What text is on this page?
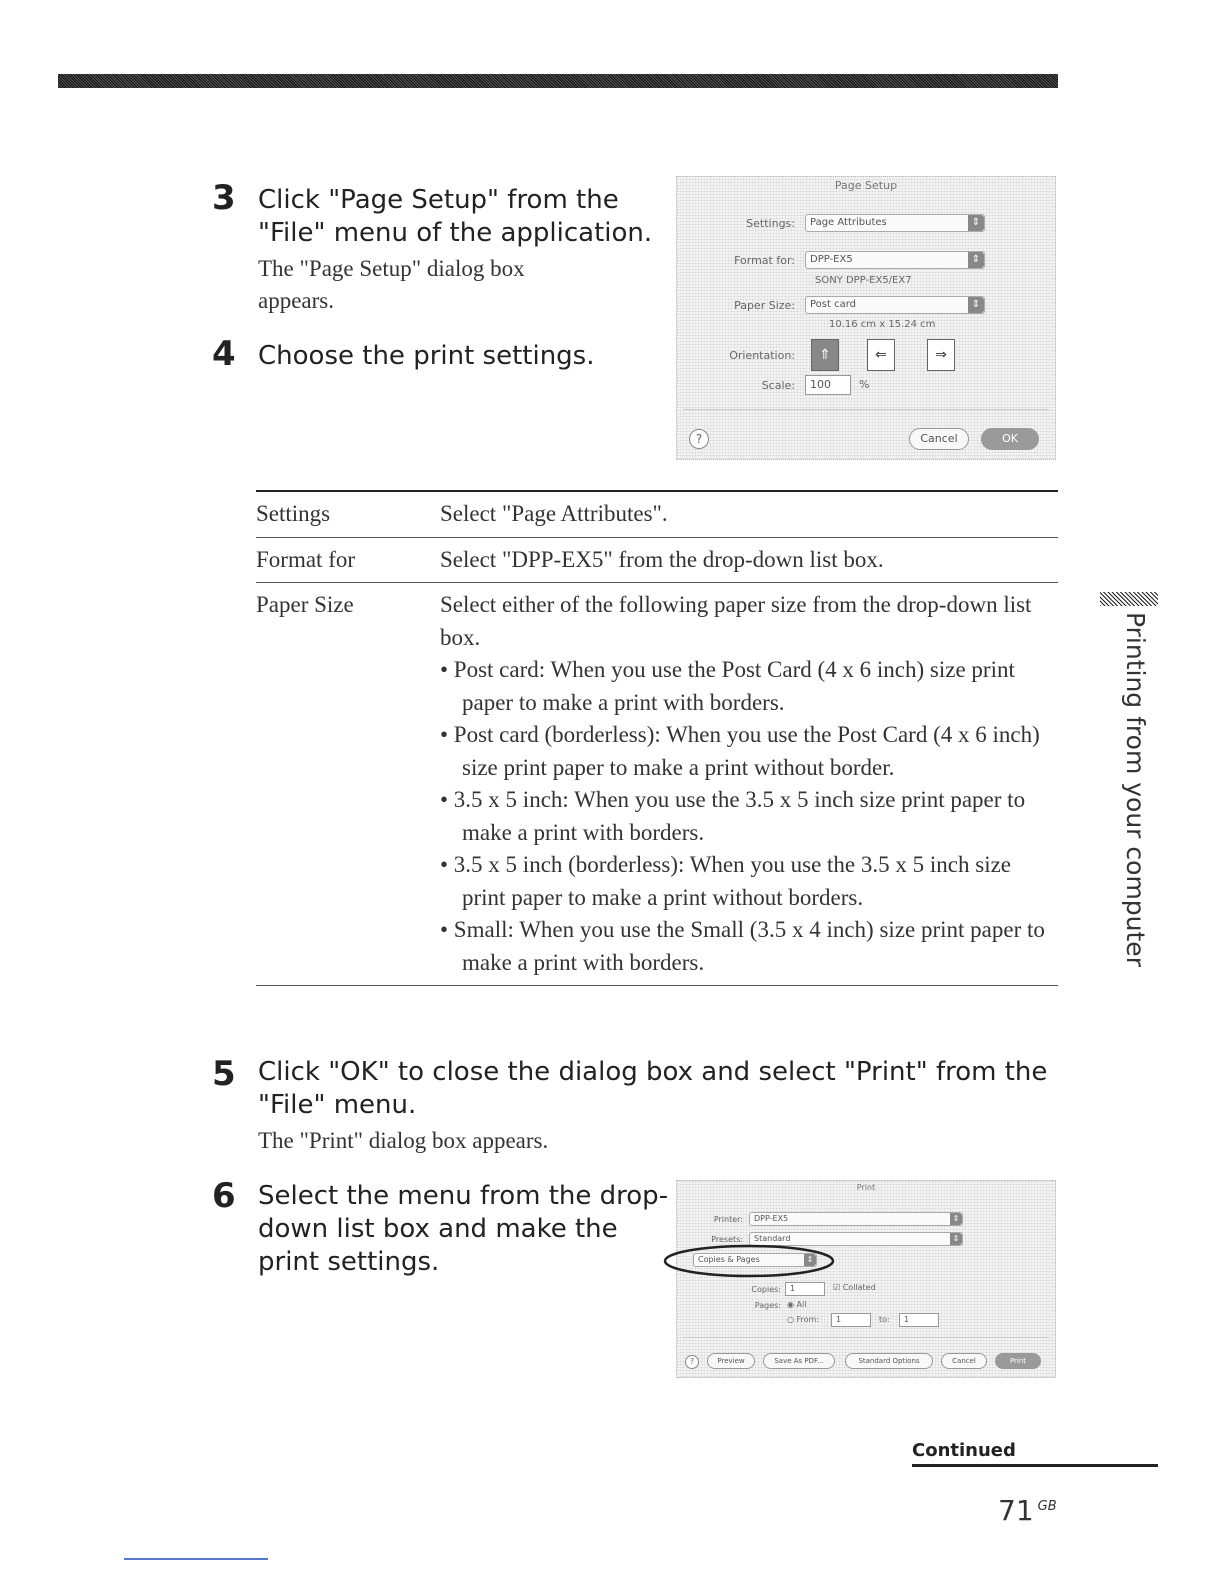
3 Click "Page Setup" from the
"File" menu of the application.
The "Page Setup" dialog box
appears.
4 Choose the print settings.
Page Setup
Settings:	Page Attributes	⇕
Format for:	DPP-EX5	⇕
SONY DPP-EX5/EX7
Paper Size:	Post card	⇕
10.16 cm x 15.24 cm
Orientation:	⇑	⇐	⇒
Scale:	100	%
?	Cancel	OK
Settings	Select "Page Attributes".
Format for	Select "DPP-EX5" from the drop-down list box.
Paper Size	Select either of the following paper size from the drop-down list box.
• Post card: When you use the Post Card (4 x 6 inch) size print paper to make a print with borders.
• Post card (borderless): When you use the Post Card (4 x 6 inch) size print paper to make a print without border.
• 3.5 x 5 inch: When you use the 3.5 x 5 inch size print paper to make a print with borders.
• 3.5 x 5 inch (borderless): When you use the 3.5 x 5 inch size print paper to make a print without borders.
• Small: When you use the Small (3.5 x 4 inch) size print paper to make a print with borders.
5 Click "OK" to close the dialog box and select "Print" from the
"File" menu.
The "Print" dialog box appears.
6 Select the menu from the drop-
down list box and make the
print settings.
Print
Printer:	DPP-EX5	⇕
Presets:	Standard	⇕
Copies & Pages	⇕
Copies:	1	☑ Collated
Pages: ◉ All
○ From:	1	to:	1
?	Preview	Save As PDF...	Standard Options	Cancel	Print
Printing from your computer
Continued
71 $^{GB}$
